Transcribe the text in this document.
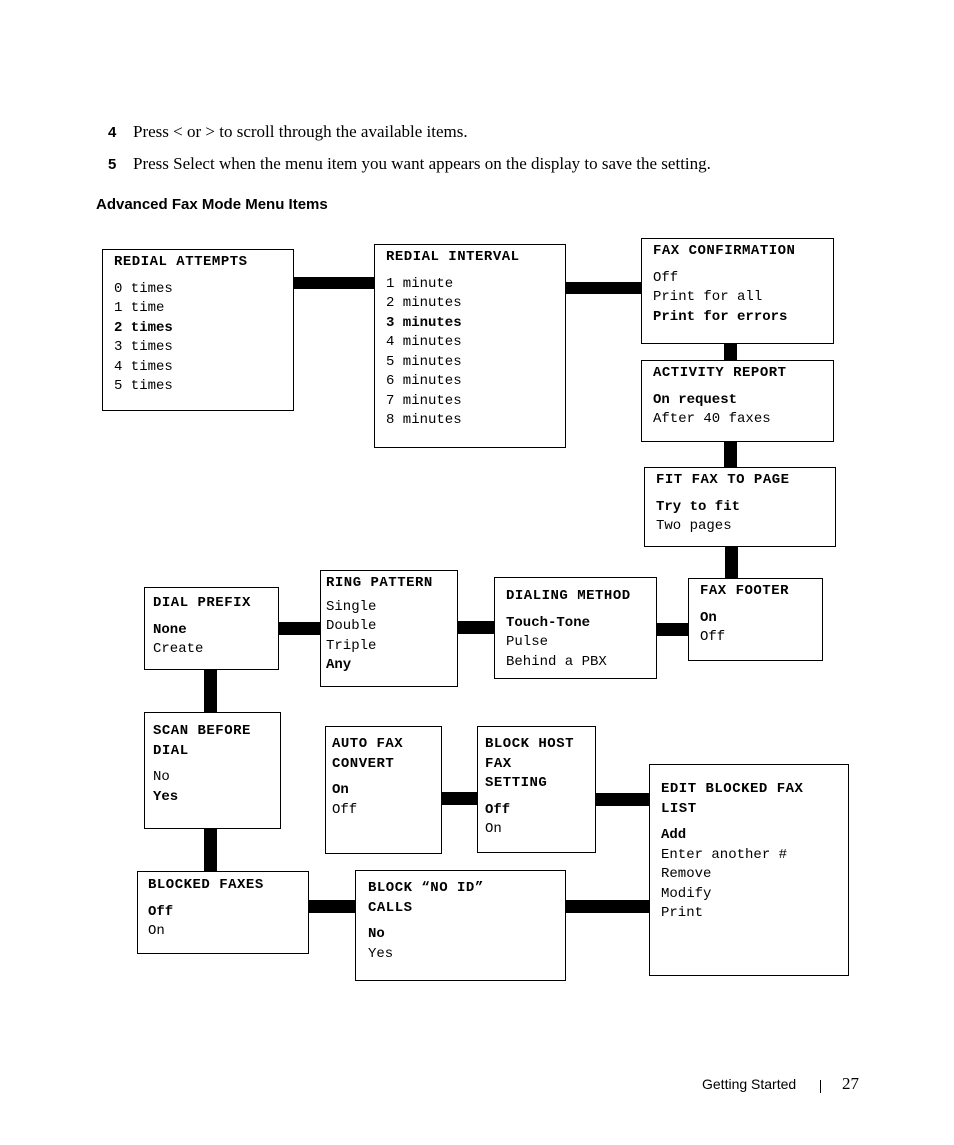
4 Press < or > to scroll through the available items.
5 Press Select when the menu item you want appears on the display to save the setting.
Advanced Fax Mode Menu Items
REDIAL ATTEMPTS
0 times
1 time
2 times
3 times
4 times
5 times
REDIAL INTERVAL
1 minute
2 minutes
3 minutes
4 minutes
5 minutes
6 minutes
7 minutes
8 minutes
FAX CONFIRMATION
Off
Print for all
Print for errors
ACTIVITY REPORT
On request
After 40 faxes
FIT FAX TO PAGE
Try to fit
Two pages
FAX FOOTER
On
Off
DIALING METHOD
Touch-Tone
Pulse
Behind a PBX
RING PATTERN
Single
Double
Triple
Any
DIAL PREFIX
None
Create
SCAN BEFORE
DIAL
No
Yes
AUTO FAX
CONVERT
On
Off
BLOCK HOST
FAX
SETTING
Off
On
EDIT BLOCKED FAX
LIST
Add
Enter another #
Remove
Modify
Print
BLOCKED FAXES
Off
On
BLOCK “NO ID”
CALLS
No
Yes
Getting Started	27
